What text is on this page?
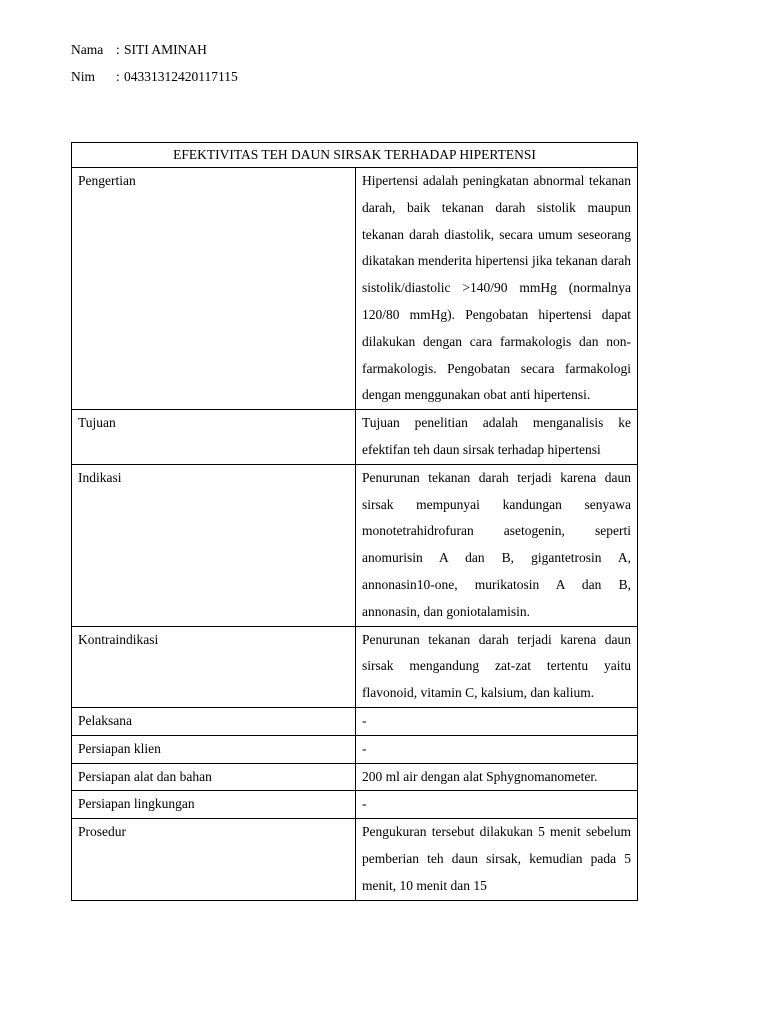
Nama : SITI AMINAH
Nim	: 04331312420117115
EFEKTIVITAS TEH DAUN SIRSAK TERHADAP HIPERTENSI	
Pengertian	Hipertensi adalah peningkatan abnormal tekanan darah, baik tekanan darah sistolik maupun tekanan darah diastolik, secara umum seseorang dikatakan menderita hipertensi jika tekanan darah sistolik/diastolic >140/90 mmHg (normalnya 120/80 mmHg). Pengobatan hipertensi dapat dilakukan dengan cara farmakologis dan non-farmakologis. Pengobatan secara farmakologi dengan menggunakan obat anti hipertensi.
Tujuan	Tujuan penelitian adalah menganalisis ke efektifan teh daun sirsak terhadap hipertensi
Indikasi	Penurunan tekanan darah terjadi karena daun sirsak mempunyai kandungan senyawa monotetrahidrofuran asetogenin, seperti anomurisin A dan B, gigantetrosin A, annonasin10-one, murikatosin A dan B, annonasin, dan goniotalamisin.
Kontraindikasi	Penurunan tekanan darah terjadi karena daun sirsak mengandung zat-zat tertentu yaitu flavonoid, vitamin C, kalsium, dan kalium.
Pelaksana	-
Persiapan klien	-
Persiapan alat dan bahan	200 ml air dengan alat Sphygnomanometer.
Persiapan lingkungan	-
Prosedur	Pengukuran tersebut dilakukan 5 menit sebelum pemberian teh daun sirsak, kemudian pada 5 menit, 10 menit dan 15
